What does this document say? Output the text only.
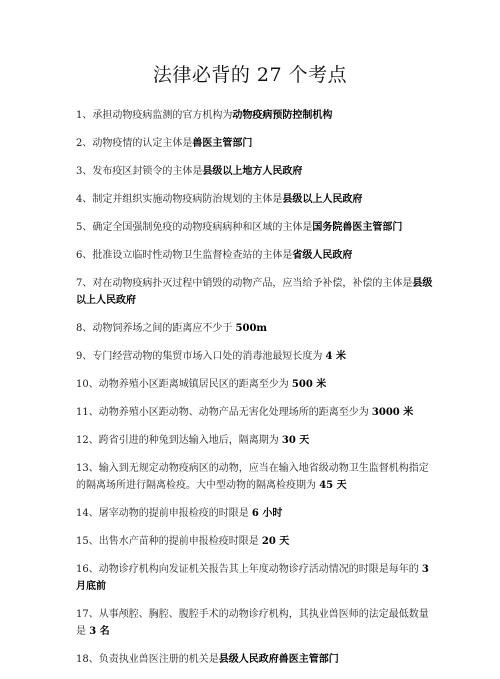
法律必背的 27 个考点

1、承担动物疫病监测的官方机构为动物疫病预防控制机构

2、动物疫情的认定主体是兽医主管部门

3、发布疫区封锁令的主体是县级以上地方人民政府

4、制定并组织实施动物疫病防治规划的主体是县级以上人民政府

5、确定全国强制免疫的动物疫病病种和区域的主体是国务院兽医主管部门

6、批准设立临时性动物卫生监督检查站的主体是省级人民政府

7、对在动物疫病扑灭过程中销毁的动物产品，应当给予补偿，补偿的主体是县级以上人民政府

8、动物饲养场之间的距离应不少于 500m

9、专门经营动物的集贸市场入口处的消毒池最短长度为 4 米

10、动物养殖小区距离城镇居民区的距离至少为 500 米

11、动物养殖小区距动物、动物产品无害化处理场所的距离至少为 3000 米

12、跨省引进的种兔到达输入地后，隔离期为 30 天

13、输入到无规定动物疫病区的动物，应当在输入地省级动物卫生监督机构指定的隔离场所进行隔离检疫。大中型动物的隔离检疫期为 45 天

14、屠宰动物的提前申报检疫的时限是 6 小时

15、出售水产苗种的提前申报检疫时限是 20 天

16、动物诊疗机构向发证机关报告其上年度动物诊疗活动情况的时限是每年的 3 月底前

17、从事颅腔、胸腔、腹腔手术的动物诊疗机构，其执业兽医师的法定最低数量是 3 名

18、负责执业兽医注册的机关是县级人民政府兽医主管部门
